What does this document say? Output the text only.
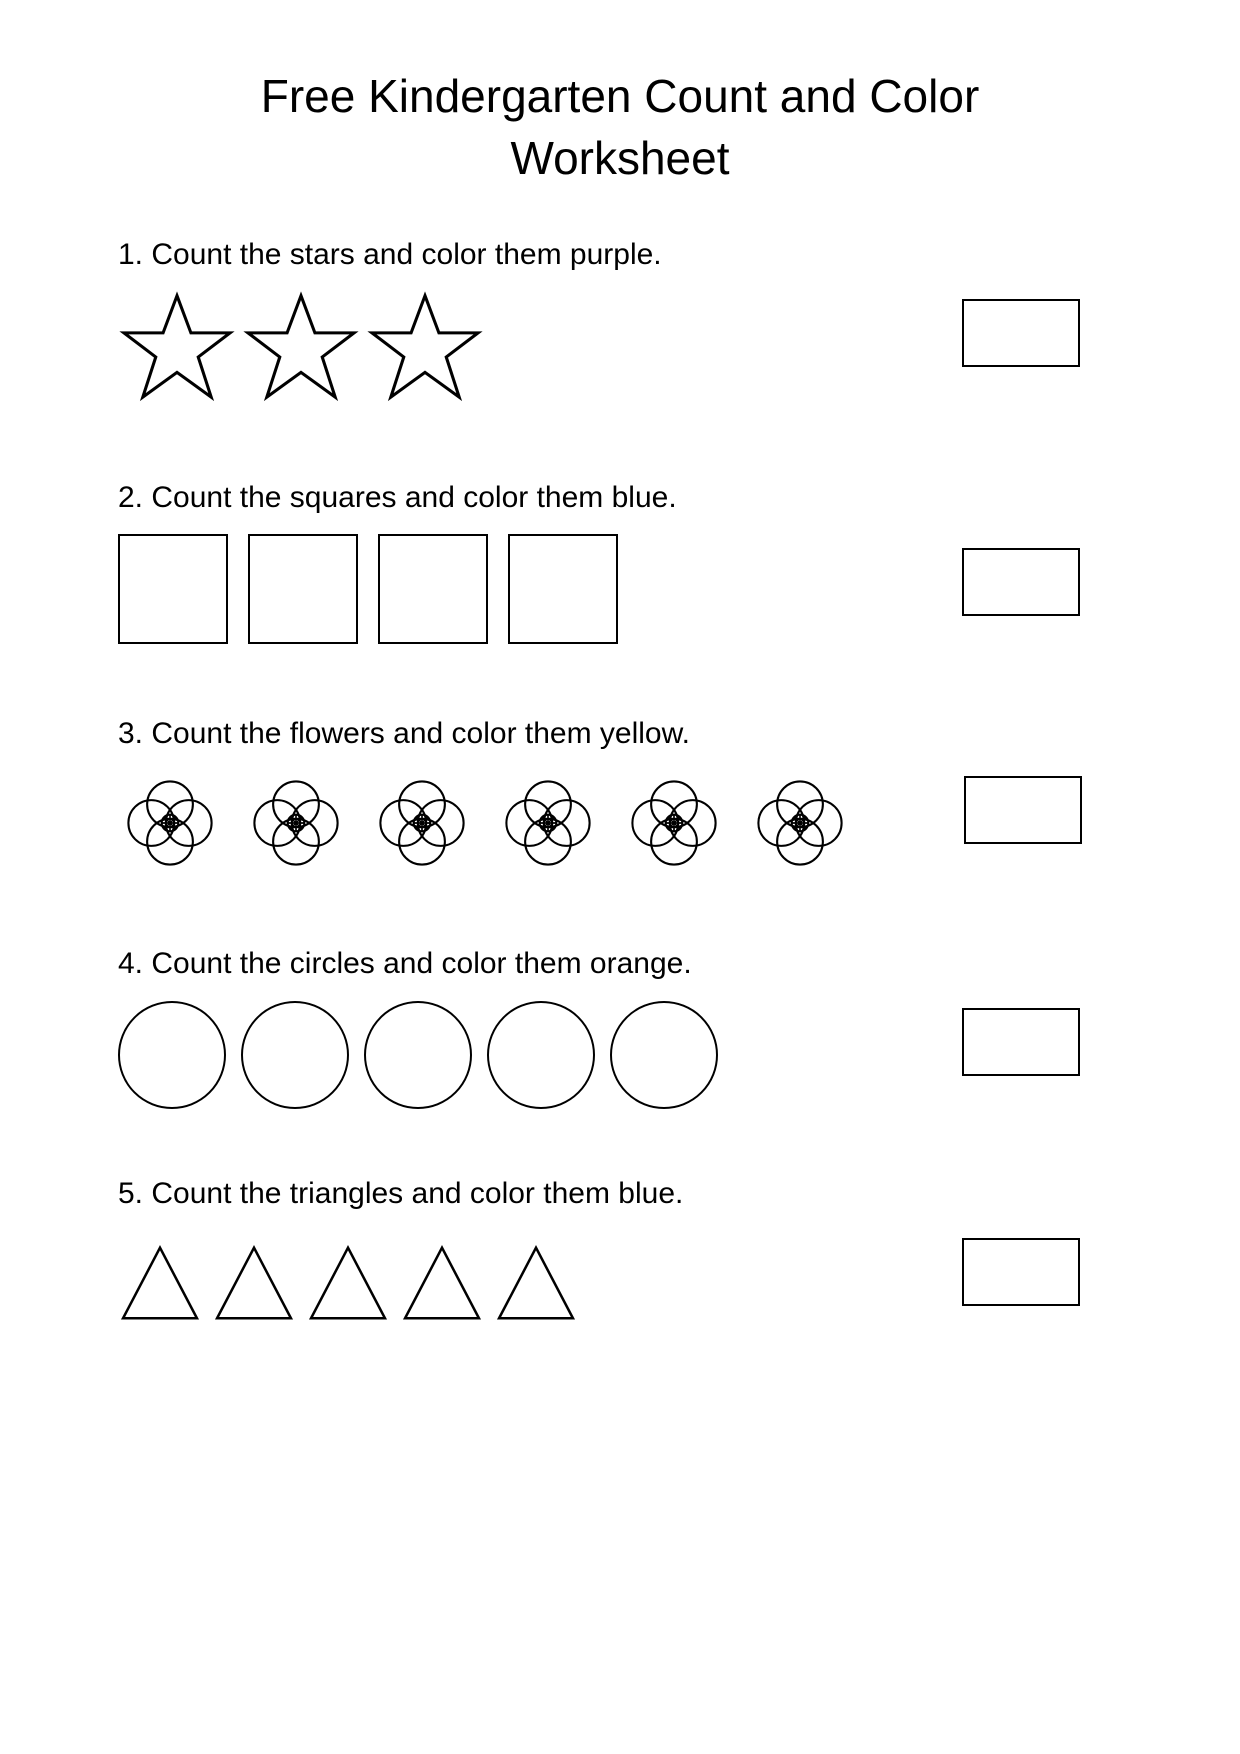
Free Kindergarten Count and Color Worksheet

1. Count the stars and color them purple.

2. Count the squares and color them blue.

3. Count the flowers and color them yellow.

4. Count the circles and color them orange.

5. Count the triangles and color them blue.
